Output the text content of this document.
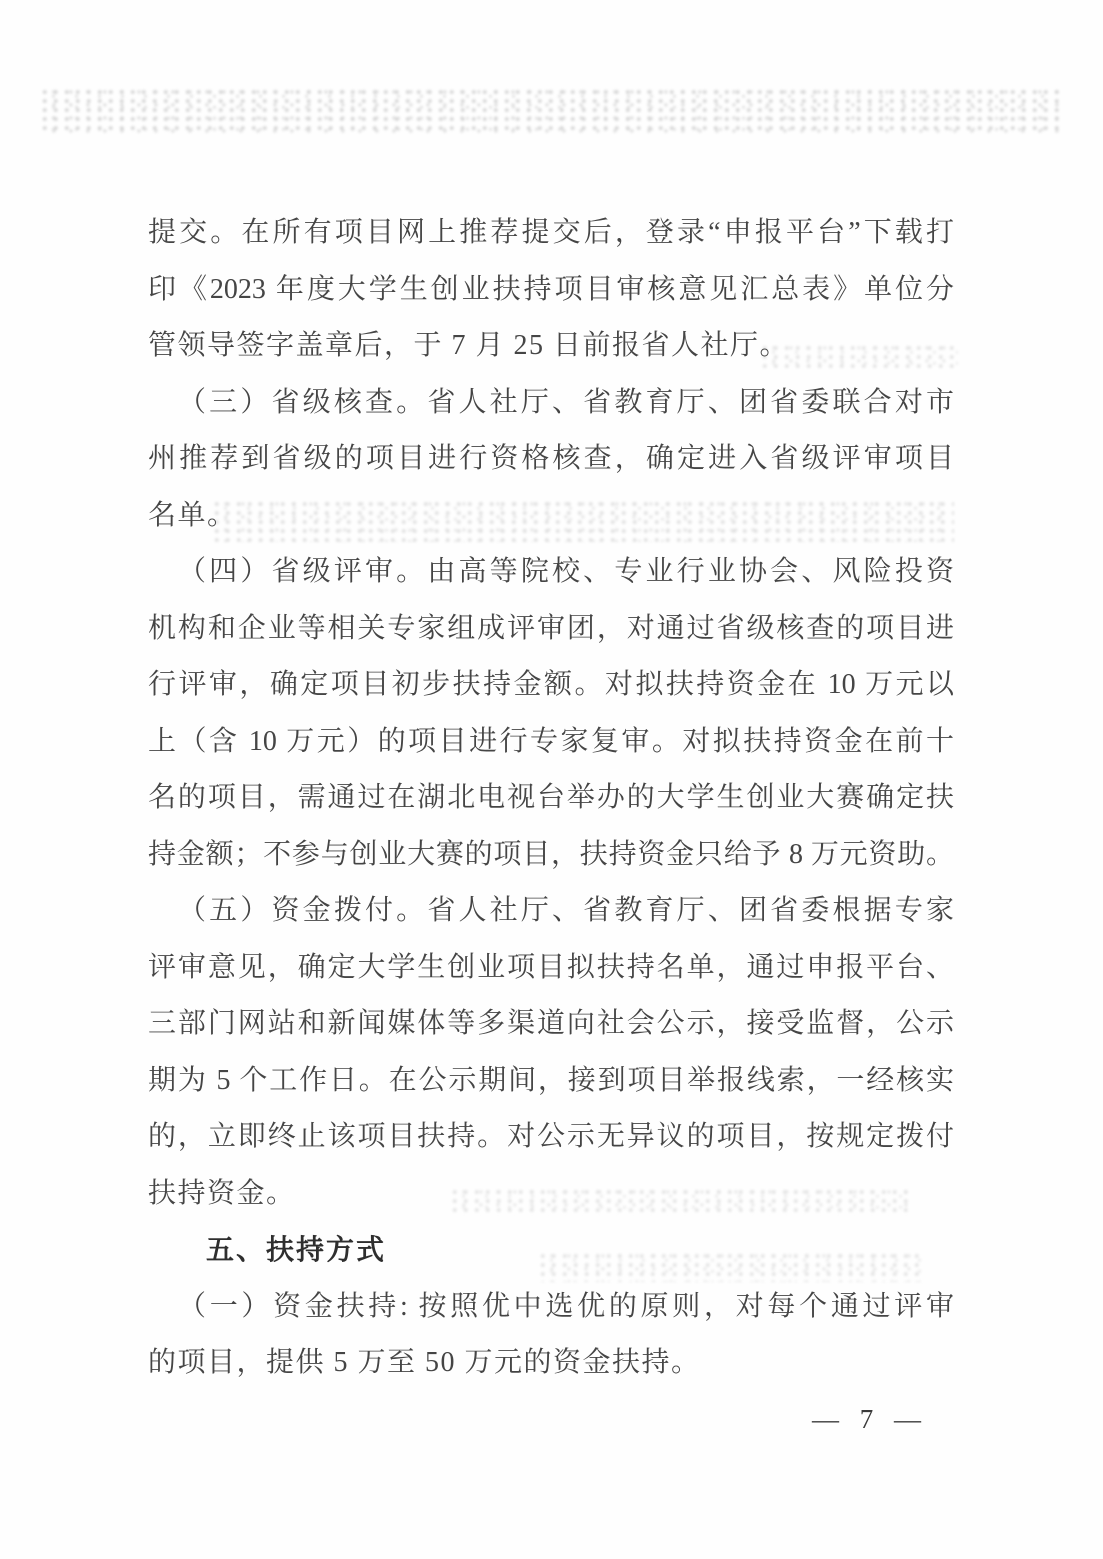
提交。在所有项目网上推荐提交后，登录“申报平台”下载打
印《2023 年度大学生创业扶持项目审核意见汇总表》单位分
管领导签字盖章后，于 7 月 25 日前报省人社厅。
（三）省级核查。省人社厅、省教育厅、团省委联合对市
州推荐到省级的项目进行资格核查，确定进入省级评审项目
名单。
（四）省级评审。由高等院校、专业行业协会、风险投资
机构和企业等相关专家组成评审团，对通过省级核查的项目进
行评审，确定项目初步扶持金额。对拟扶持资金在 10 万元以
上（含 10 万元）的项目进行专家复审。对拟扶持资金在前十
名的项目，需通过在湖北电视台举办的大学生创业大赛确定扶
持金额；不参与创业大赛的项目，扶持资金只给予 8 万元资助。
（五）资金拨付。省人社厅、省教育厅、团省委根据专家
评审意见，确定大学生创业项目拟扶持名单，通过申报平台、
三部门网站和新闻媒体等多渠道向社会公示，接受监督，公示
期为 5 个工作日。在公示期间，接到项目举报线索，一经核实
的，立即终止该项目扶持。对公示无异议的项目，按规定拨付
扶持资金。
五、扶持方式
（一）资金扶持: 按照优中选优的原则，对每个通过评审
的项目，提供 5 万至 50 万元的资金扶持。
— 7 —
